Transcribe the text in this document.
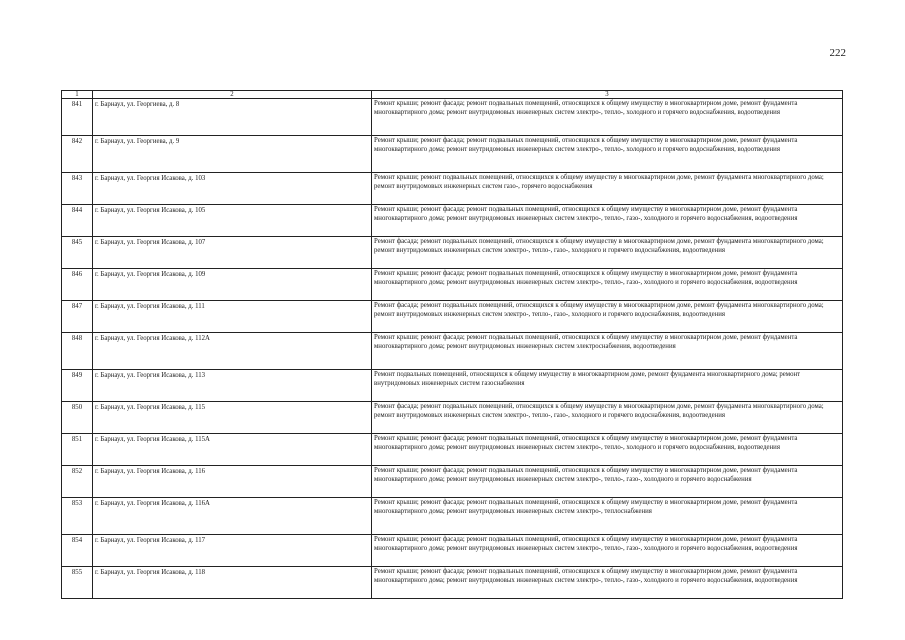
222
1	2	3
841	г. Барнаул, ул. Георгиева, д. 8	Ремонт крыши; ремонт фасада; ремонт подвальных помещений, относящихся к общему имуществу в многоквартирном доме, ремонт фундамента многоквартирного дома; ремонт внутридомовых инженерных систем электро-, тепло-, холодного и горячего водоснабжения, водоотведения
842	г. Барнаул, ул. Георгиева, д. 9	Ремонт крыши; ремонт фасада; ремонт подвальных помещений, относящихся к общему имуществу в многоквартирном доме, ремонт фундамента многоквартирного дома; ремонт внутридомовых инженерных систем электро-, тепло-, холодного и горячего водоснабжения, водоотведения
843	г. Барнаул, ул. Георгия Исакова, д. 103	Ремонт крыши; ремонт подвальных помещений, относящихся к общему имуществу в многоквартирном доме, ремонт фундамента многоквартирного дома; ремонт внутридомовых инженерных систем газо-, горячего водоснабжения
844	г. Барнаул, ул. Георгия Исакова, д. 105	Ремонт крыши; ремонт фасада; ремонт подвальных помещений, относящихся к общему имуществу в многоквартирном доме, ремонт фундамента многоквартирного дома; ремонт внутридомовых инженерных систем электро-, тепло-, газо-, холодного и горячего водоснабжения, водоотведения
845	г. Барнаул, ул. Георгия Исакова, д. 107	Ремонт фасада; ремонт подвальных помещений, относящихся к общему имуществу в многоквартирном доме, ремонт фундамента многоквартирного дома; ремонт внутридомовых инженерных систем электро-, тепло-, газо-, холодного и горячего водоснабжения, водоотведения
846	г. Барнаул, ул. Георгия Исакова, д. 109	Ремонт крыши; ремонт фасада; ремонт подвальных помещений, относящихся к общему имуществу в многоквартирном доме, ремонт фундамента многоквартирного дома; ремонт внутридомовых инженерных систем электро-, тепло-, газо-, холодного и горячего водоснабжения, водоотведения
847	г. Барнаул, ул. Георгия Исакова, д. 111	Ремонт фасада; ремонт подвальных помещений, относящихся к общему имуществу в многоквартирном доме, ремонт фундамента многоквартирного дома; ремонт внутридомовых инженерных систем электро-, тепло-, газо-, холодного и горячего водоснабжения, водоотведения
848	г. Барнаул, ул. Георгия Исакова, д. 112А	Ремонт крыши; ремонт фасада; ремонт подвальных помещений, относящихся к общему имуществу в многоквартирном доме, ремонт фундамента многоквартирного дома; ремонт внутридомовых инженерных систем электроснабжения, водоотведения
849	г. Барнаул, ул. Георгия Исакова, д. 113	Ремонт подвальных помещений, относящихся к общему имуществу в многоквартирном доме, ремонт фундамента многоквартирного дома; ремонт внутридомовых инженерных систем газоснабжения
850	г. Барнаул, ул. Георгия Исакова, д. 115	Ремонт фасада; ремонт подвальных помещений, относящихся к общему имуществу в многоквартирном доме, ремонт фундамента многоквартирного дома; ремонт внутридомовых инженерных систем электро-, тепло-, газо-, холодного и горячего водоснабжения, водоотведения
851	г. Барнаул, ул. Георгия Исакова, д. 115А	Ремонт крыши; ремонт фасада; ремонт подвальных помещений, относящихся к общему имуществу в многоквартирном доме, ремонт фундамента многоквартирного дома; ремонт внутридомовых инженерных систем электро-, тепло-, холодного и горячего водоснабжения, водоотведения
852	г. Барнаул, ул. Георгия Исакова, д. 116	Ремонт крыши; ремонт фасада; ремонт подвальных помещений, относящихся к общему имуществу в многоквартирном доме, ремонт фундамента многоквартирного дома; ремонт внутридомовых инженерных систем электро-, тепло-, газо-, холодного и горячего водоснабжения
853	г. Барнаул, ул. Георгия Исакова, д. 116А	Ремонт крыши; ремонт фасада; ремонт подвальных помещений, относящихся к общему имуществу в многоквартирном доме, ремонт фундамента многоквартирного дома; ремонт внутридомовых инженерных систем электро-, теплоснабжения
854	г. Барнаул, ул. Георгия Исакова, д. 117	Ремонт крыши; ремонт фасада; ремонт подвальных помещений, относящихся к общему имуществу в многоквартирном доме, ремонт фундамента многоквартирного дома; ремонт внутридомовых инженерных систем электро-, тепло-, газо-, холодного и горячего водоснабжения, водоотведения
855	г. Барнаул, ул. Георгия Исакова, д. 118	Ремонт крыши; ремонт фасада; ремонт подвальных помещений, относящихся к общему имуществу в многоквартирном доме, ремонт фундамента многоквартирного дома; ремонт внутридомовых инженерных систем электро-, тепло-, газо-, холодного и горячего водоснабжения, водоотведения
